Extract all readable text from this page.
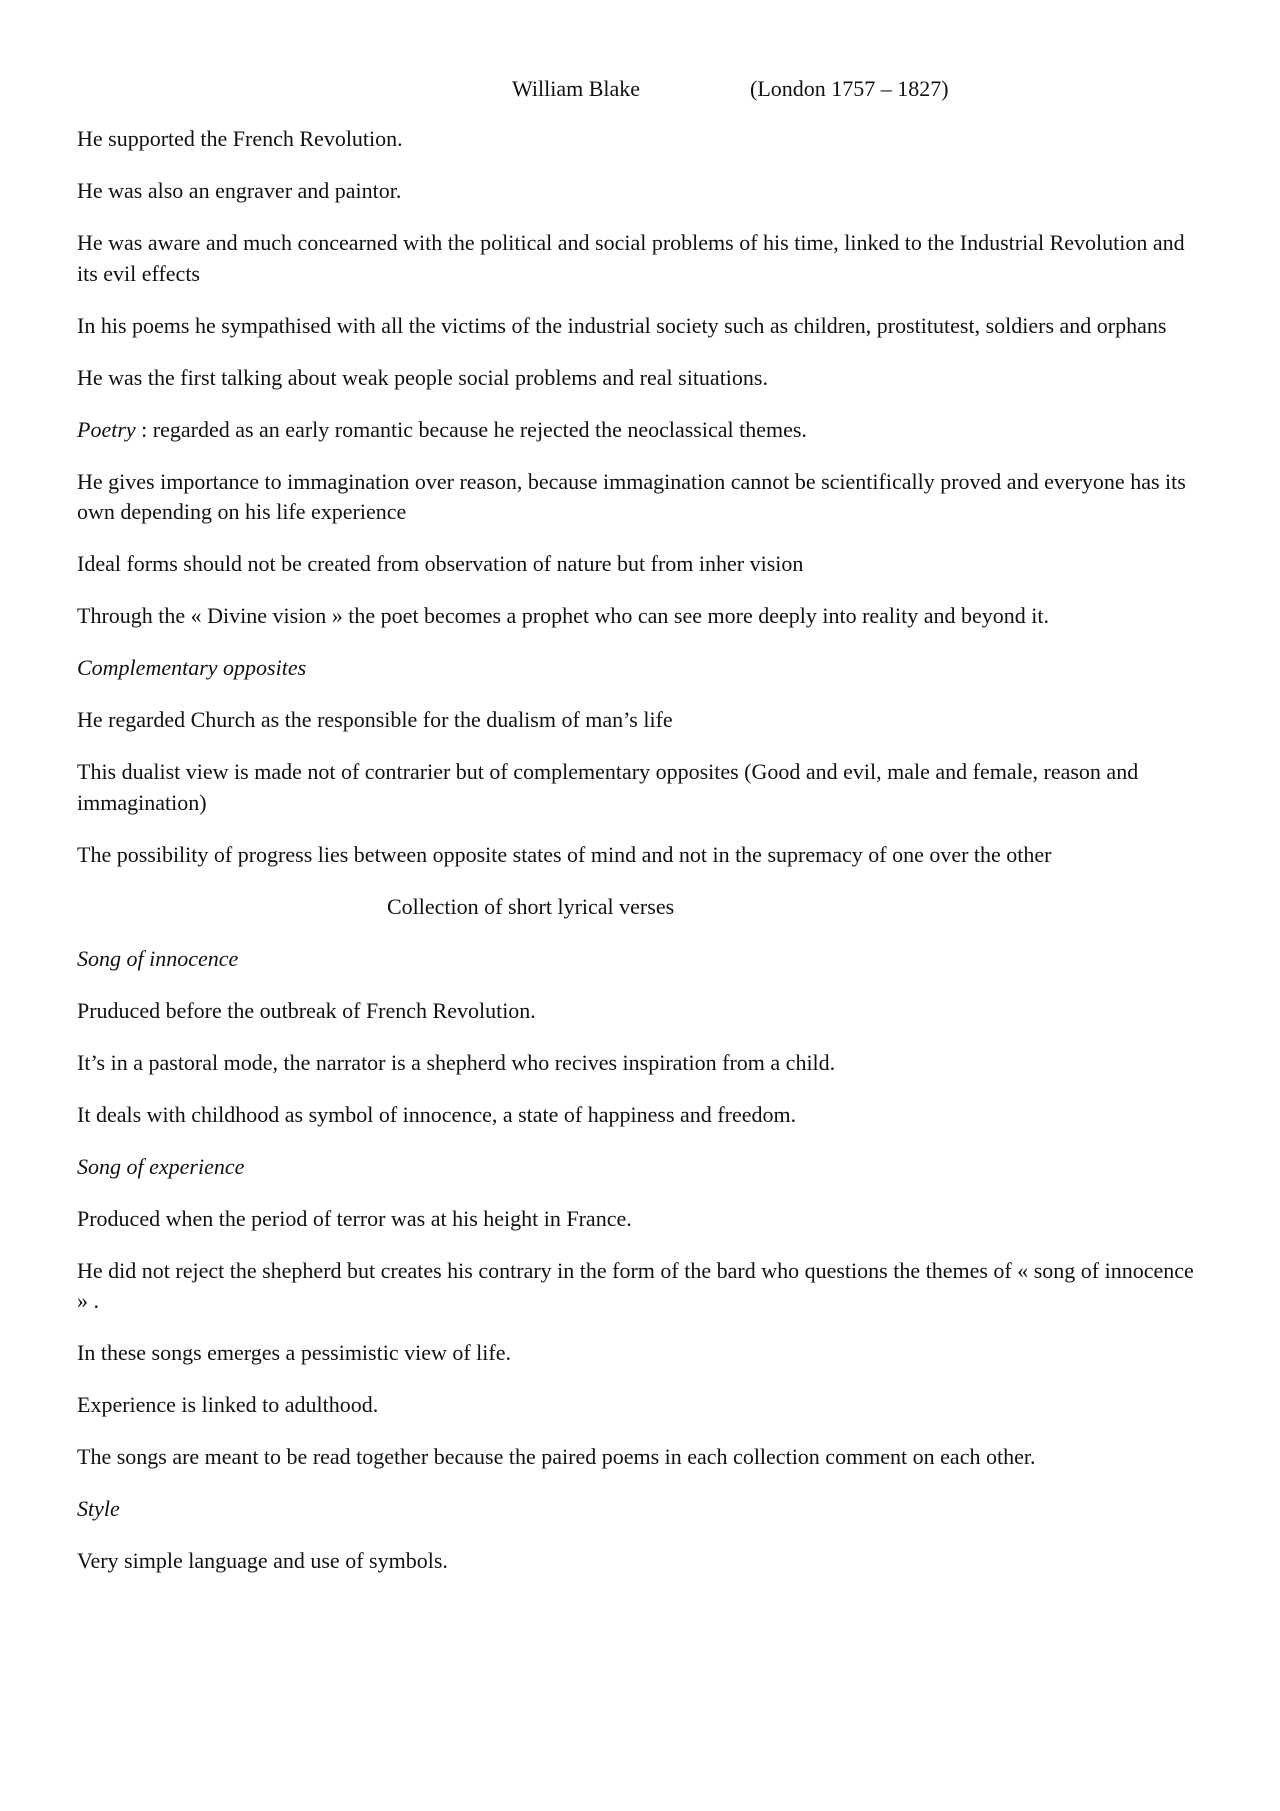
William Blake	(London 1757 – 1827)

He supported the French Revolution.

He was also an engraver and paintor.

He was aware and much concearned with the political and social problems of his time, linked to the Industrial Revolution and its evil effects

In his poems he sympathised with all the victims of the industrial society such as children, prostitutest, soldiers and orphans

He was the first talking about weak people social problems and real situations.

Poetry : regarded as an early romantic because he rejected the neoclassical themes.

He gives importance to immagination over reason, because immagination cannot be scientifically proved and everyone has its own depending on his life experience

Ideal forms should not be created from observation of nature but from inher vision

Through the « Divine vision » the poet becomes a prophet who can see more deeply into reality and beyond it.

Complementary opposites

He regarded Church as the responsible for the dualism of man’s life

This dualist view is made not of contrarier but of complementary opposites (Good and evil, male and female, reason and immagination)

The possibility of progress lies between opposite states of mind and not in the supremacy of one over the other

Collection of short lyrical verses

Song of innocence

Pruduced before the outbreak of French Revolution.

It’s in a pastoral mode, the narrator is a shepherd who recives inspiration from a child.

It deals with childhood as symbol of innocence, a state of happiness and freedom.

Song of experience

Produced when the period of terror was at his height in France.

He did not reject the shepherd but creates his contrary in the form of the bard who questions the themes of « song of innocence » .

In these songs emerges a pessimistic view of life.

Experience is linked to adulthood.

The songs are meant to be read together because the paired poems in each collection comment on each other.

Style

Very simple language and use of symbols.
